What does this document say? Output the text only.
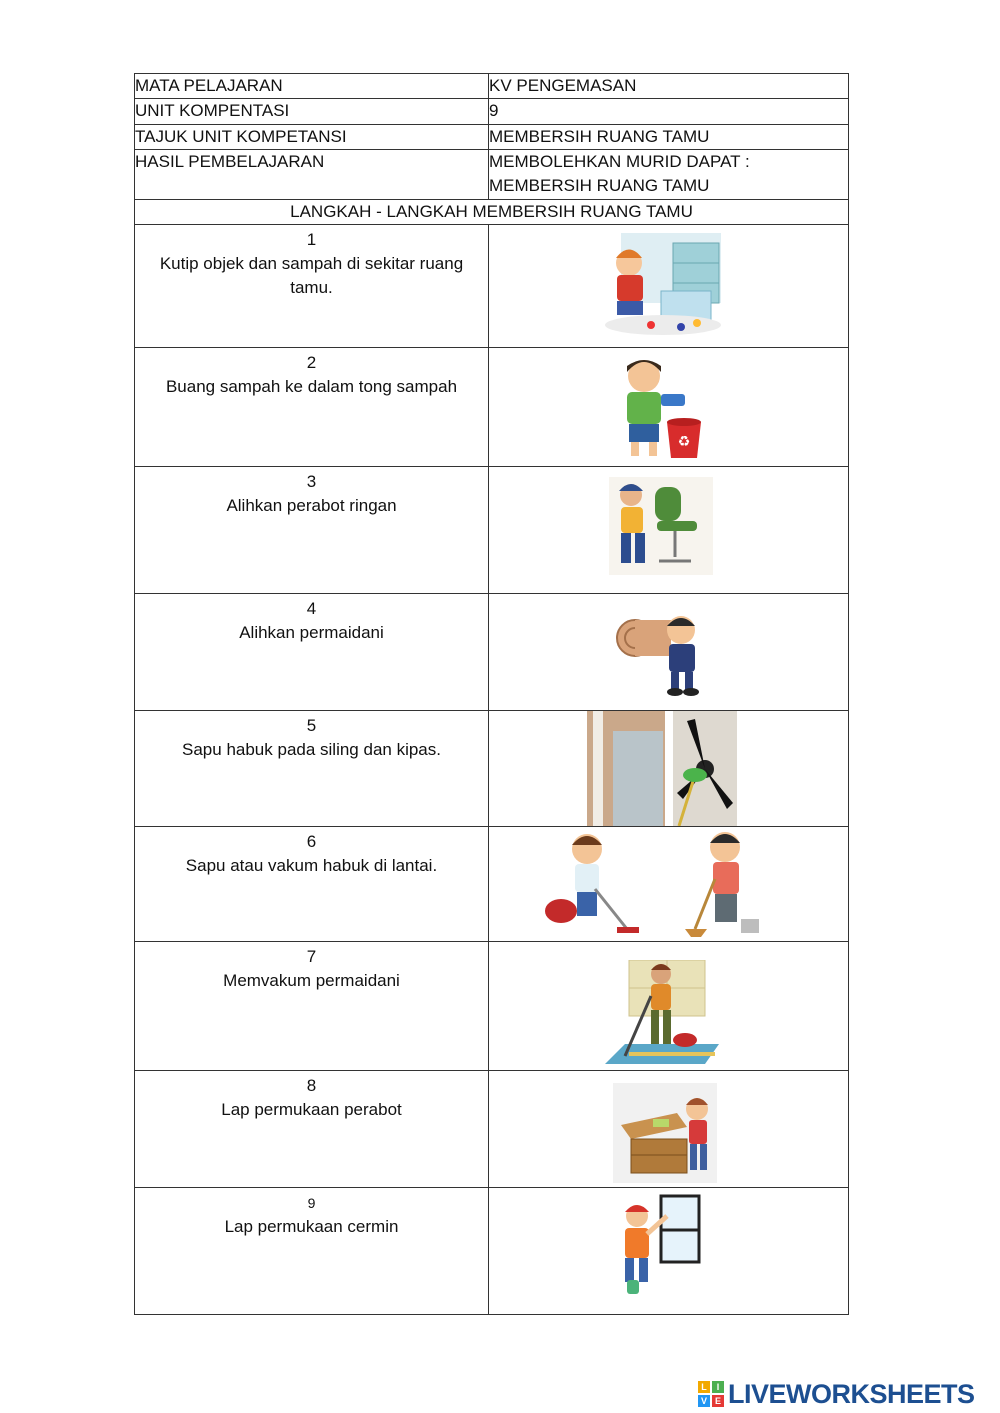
MATA PELAJARAN	KV PENGEMASAN
UNIT KOMPENTASI	9
TAJUK UNIT KOMPETANSI	MEMBERSIH RUANG TAMU
HASIL PEMBELAJARAN	MEMBOLEHKAN MURID DAPAT :
MEMBERSIH RUANG TAMU

LANGKAH - LANGKAH MEMBERSIH RUANG TAMU	

1
Kutip objek dan sampah di sekitar ruang tamu.	

2
Buang sampah ke dalam tong sampah	♻

3
Alihkan perabot ringan	

4
Alihkan permaidani	

5
Sapu habuk pada siling dan kipas.	

6
Sapu atau vakum habuk di lantai.	

7
Memvakum permaidani	

8
Lap permukaan perabot	

9
Lap permukaan cermin	
L	I
V E LIVEWORKSHEETS
